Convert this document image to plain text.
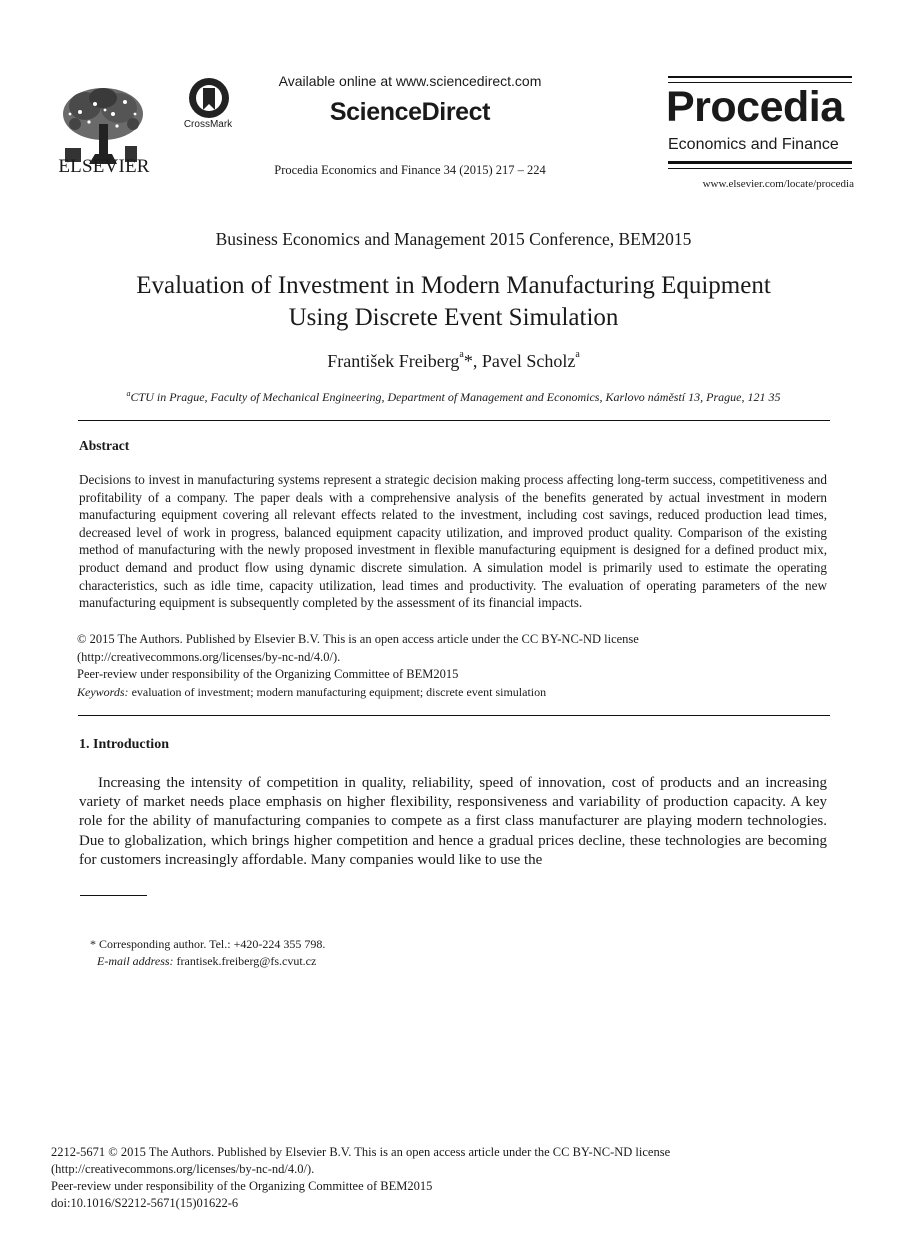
ELSEVIER
CrossMark
Available online at www.sciencedirect.com
ScienceDirect
Procedia Economics and Finance 34 (2015) 217 – 224
Procedia
Economics and Finance
www.elsevier.com/locate/procedia
Business Economics and Management 2015 Conference, BEM2015
Evaluation of Investment in Modern Manufacturing Equipment
Using Discrete Event Simulation
František Freiberg$^a$*, Pavel Scholz$^a$
$^a$CTU in Prague, Faculty of Mechanical Engineering, Department of Management and Economics, Karlovo náměstí 13, Prague, 121 35
Abstract
Decisions to invest in manufacturing systems represent a strategic decision making process affecting long-term success, competitiveness and profitability of a company. The paper deals with a comprehensive analysis of the benefits generated by actual investment in modern manufacturing equipment covering all relevant effects related to the investment, including cost savings, reduced production lead times, decreased level of work in progress, balanced equipment capacity utilization, and improved product quality. Comparison of the existing method of manufacturing with the newly proposed investment in flexible manufacturing equipment is designed for a defined product mix, product demand and product flow using dynamic discrete simulation. A simulation model is primarily used to estimate the operating characteristics, such as idle time, capacity utilization, lead times and productivity. The evaluation of operating parameters of the new manufacturing equipment is subsequently completed by the assessment of its financial impacts.
© 2015 The Authors. Published by Elsevier B.V. This is an open access article under the CC BY-NC-ND license
(http://creativecommons.org/licenses/by-nc-nd/4.0/).
Peer-review under responsibility of the Organizing Committee of BEM2015
Keywords: evaluation of investment; modern manufacturing equipment; discrete event simulation
1. Introduction
Increasing the intensity of competition in quality, reliability, speed of innovation, cost of products and an increasing variety of market needs place emphasis on higher flexibility, responsiveness and variability of production capacity. A key role for the ability of manufacturing companies to compete as a first class manufacturer are playing modern technologies. Due to globalization, which brings higher competition and hence a gradual prices decline, these technologies are becoming for customers increasingly affordable. Many companies would like to use the
* Corresponding author. Tel.: +420-224 355 798.
E-mail address: frantisek.freiberg@fs.cvut.cz
2212-5671 © 2015 The Authors. Published by Elsevier B.V. This is an open access article under the CC BY-NC-ND license
(http://creativecommons.org/licenses/by-nc-nd/4.0/).
Peer-review under responsibility of the Organizing Committee of BEM2015
doi:10.1016/S2212-5671(15)01622-6
